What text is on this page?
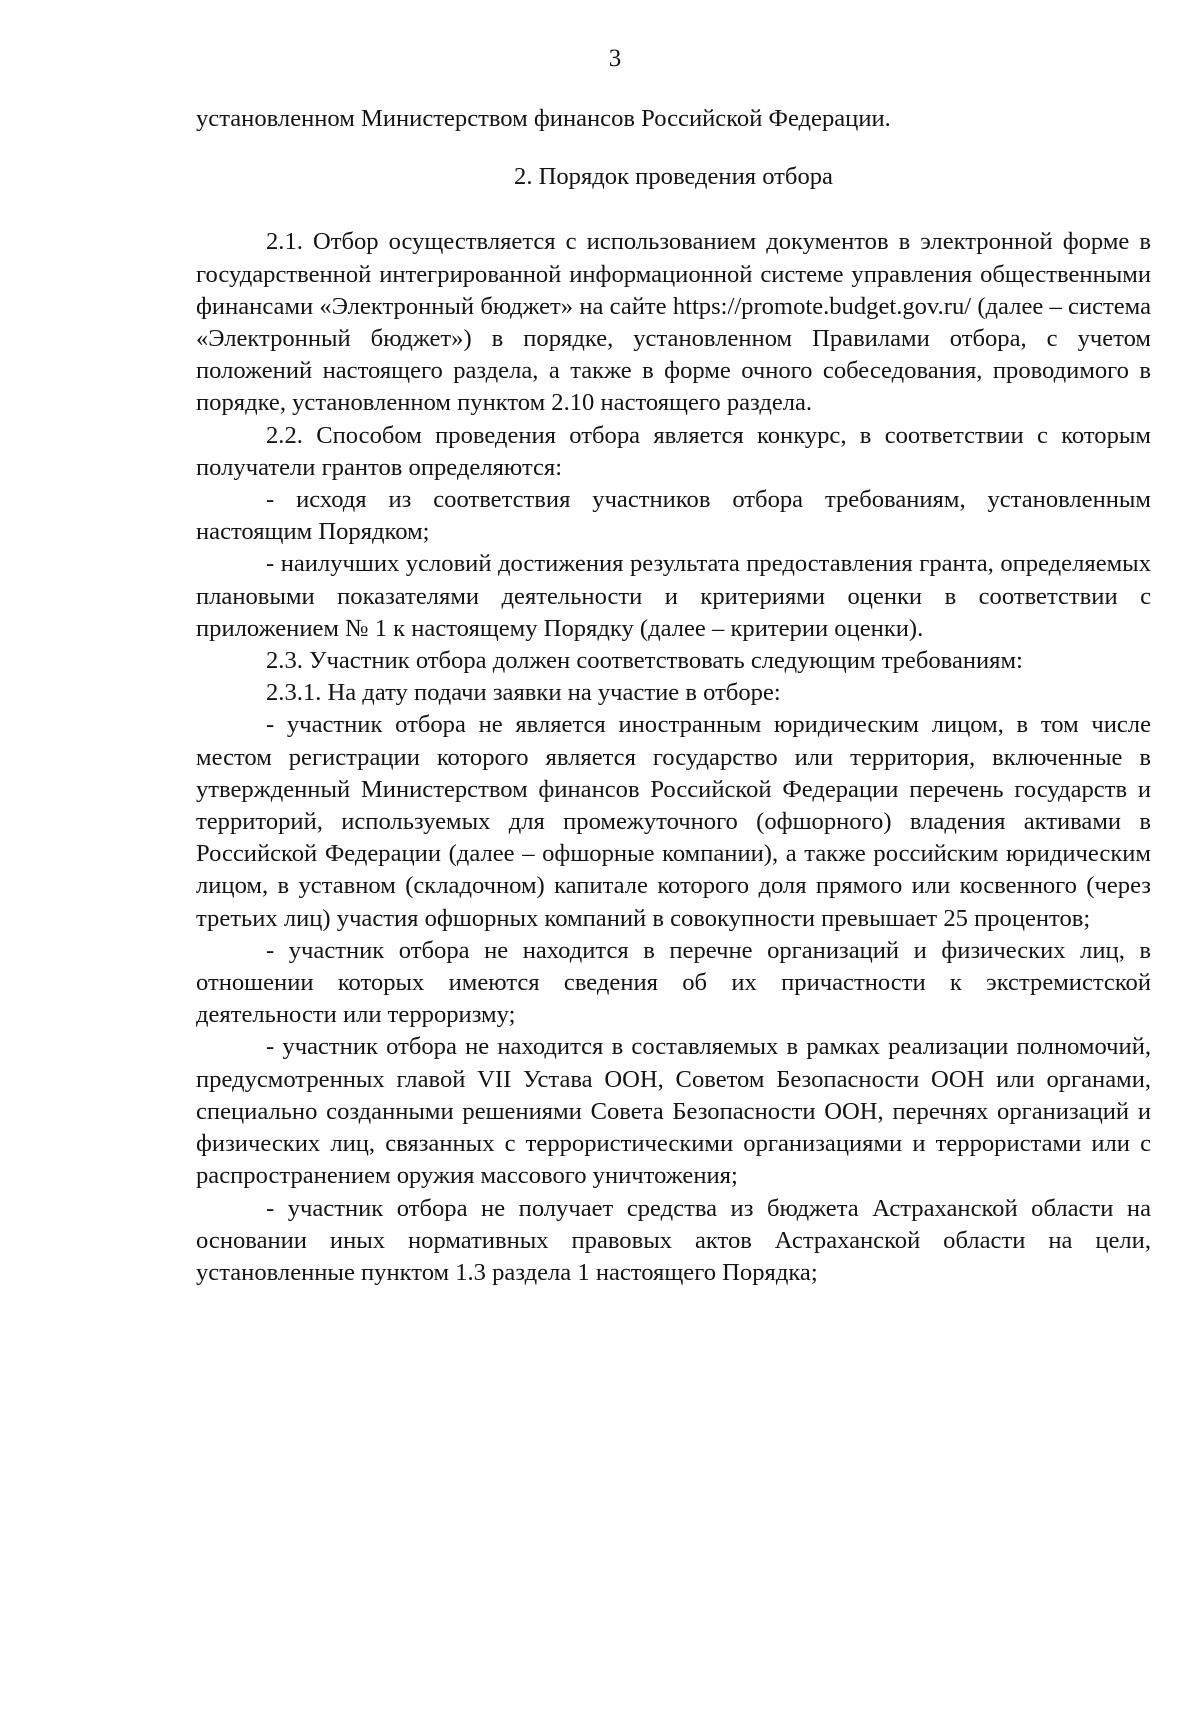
3

установленном Министерством финансов Российской Федерации.

2. Порядок проведения отбора

2.1. Отбор осуществляется с использованием документов в электронной форме в государственной интегрированной информационной системе управления общественными финансами «Электронный бюджет» на сайте https://promote.budget.gov.ru/ (далее – система «Электронный бюджет») в порядке, установленном Правилами отбора, с учетом положений настоящего раздела, а также в форме очного собеседования, проводимого в порядке, установленном пунктом 2.10 настоящего раздела.

2.2. Способом проведения отбора является конкурс, в соответствии с которым получатели грантов определяются:

- исходя из соответствия участников отбора требованиям, установленным настоящим Порядком;

- наилучших условий достижения результата предоставления гранта, определяемых плановыми показателями деятельности и критериями оценки в соответствии с приложением № 1 к настоящему Порядку (далее – критерии оценки).

2.3. Участник отбора должен соответствовать следующим требованиям:

2.3.1. На дату подачи заявки на участие в отборе:

- участник отбора не является иностранным юридическим лицом, в том числе местом регистрации которого является государство или территория, включенные в утвержденный Министерством финансов Российской Федерации перечень государств и территорий, используемых для промежуточного (офшорного) владения активами в Российской Федерации (далее – офшорные компании), а также российским юридическим лицом, в уставном (складочном) капитале которого доля прямого или косвенного (через третьих лиц) участия офшорных компаний в совокупности превышает 25 процентов;

- участник отбора не находится в перечне организаций и физических лиц, в отношении которых имеются сведения об их причастности к экстремистской деятельности или терроризму;

- участник отбора не находится в составляемых в рамках реализации полномочий, предусмотренных главой VII Устава ООН, Советом Безопасности ООН или органами, специально созданными решениями Совета Безопасности ООН, перечнях организаций и физических лиц, связанных с террористическими организациями и террористами или с распространением оружия массового уничтожения;

- участник отбора не получает средства из бюджета Астраханской области на основании иных нормативных правовых актов Астраханской области на цели, установленные пунктом 1.3 раздела 1 настоящего Порядка;
